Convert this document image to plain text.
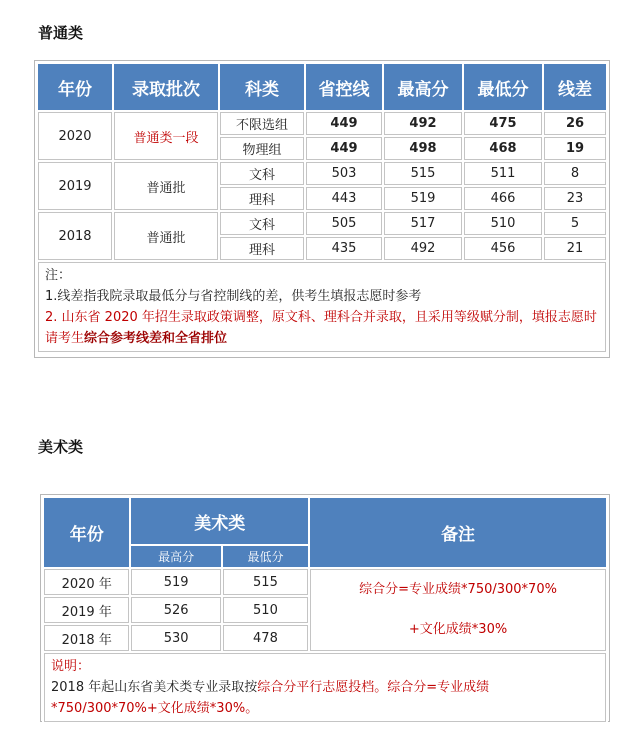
普通类
年份	录取批次	科类	省控线	最高分	最低分	线差
2020	普通类一段	不限选组	449	492	475	26
		物理组	449	498	468	19
2019	普通批	文科	503	515	511	8
		理科	443	519	466	23
2018	普通批	文科	505	517	510	5
		理科	435	492	456	21

注：
1.线差指我院录取最低分与省控制线的差，供考生填报志愿时参考
2. 山东省 2020 年招生录取政策调整，原文科、理科合并录取，且采用等级赋分制，填报志愿时请考生综合参考线差和全省排位						
美术类
年份	美术类		备注
	最高分	最低分	
2020 年	519	515	综合分=专业成绩*750/300*70%
+文化成绩*30%

2019 年	526	510	
2018 年	530	478	

说明：
2018 年起山东省美术类专业录取按综合分平行志愿投档。综合分=专业成绩*750/300*70%+文化成绩*30%。			
